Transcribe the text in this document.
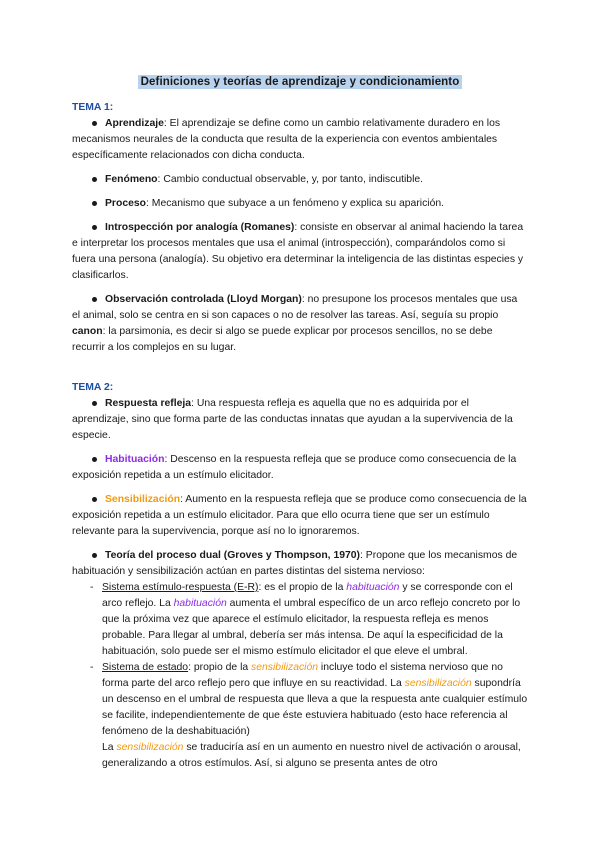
Definiciones y teorías de aprendizaje y condicionamiento

TEMA 1:

Aprendizaje: El aprendizaje se define como un cambio relativamente duradero en los mecanismos neurales de la conducta que resulta de la experiencia con eventos ambientales específicamente relacionados con dicha conducta.

Fenómeno: Cambio conductual observable, y, por tanto, indiscutible.

Proceso: Mecanismo que subyace a un fenómeno y explica su aparición.

Introspección por analogía (Romanes): consiste en observar al animal haciendo la tarea e interpretar los procesos mentales que usa el animal (introspección), comparándolos como si fuera una persona (analogía). Su objetivo era determinar la inteligencia de las distintas especies y clasificarlos.

Observación controlada (Lloyd Morgan): no presupone los procesos mentales que usa el animal, solo se centra en si son capaces o no de resolver las tareas. Así, seguía su propio canon: la parsimonia, es decir si algo se puede explicar por procesos sencillos, no se debe recurrir a los complejos en su lugar.

TEMA 2:

Respuesta refleja: Una respuesta refleja es aquella que no es adquirida por el aprendizaje, sino que forma parte de las conductas innatas que ayudan a la supervivencia de la especie.

Habituación: Descenso en la respuesta refleja que se produce como consecuencia de la exposición repetida a un estímulo elicitador.

Sensibilización: Aumento en la respuesta refleja que se produce como consecuencia de la exposición repetida a un estímulo elicitador. Para que ello ocurra tiene que ser un estímulo relevante para la supervivencia, porque así no lo ignoraremos.

Teoría del proceso dual (Groves y Thompson, 1970): Propone que los mecanismos de habituación y sensibilización actúan en partes distintas del sistema nervioso:

- Sistema estímulo-respuesta (E-R): es el propio de la habituación y se corresponde con el arco reflejo. La habituación aumenta el umbral específico de un arco reflejo concreto por lo que la próxima vez que aparece el estímulo elicitador, la respuesta refleja es menos probable. Para llegar al umbral, debería ser más intensa. De aquí la especificidad de la habituación, solo puede ser el mismo estímulo elicitador el que eleve el umbral.
- Sistema de estado: propio de la sensibilización incluye todo el sistema nervioso que no forma parte del arco reflejo pero que influye en su reactividad. La sensibilización supondría un descenso en el umbral de respuesta que lleva a que la respuesta ante cualquier estímulo se facilite, independientemente de que éste estuviera habituado (esto hace referencia al fenómeno de la deshabituación)
La sensibilización se traduciría así en un aumento en nuestro nivel de activación o arousal, generalizando a otros estímulos. Así, si alguno se presenta antes de otro
